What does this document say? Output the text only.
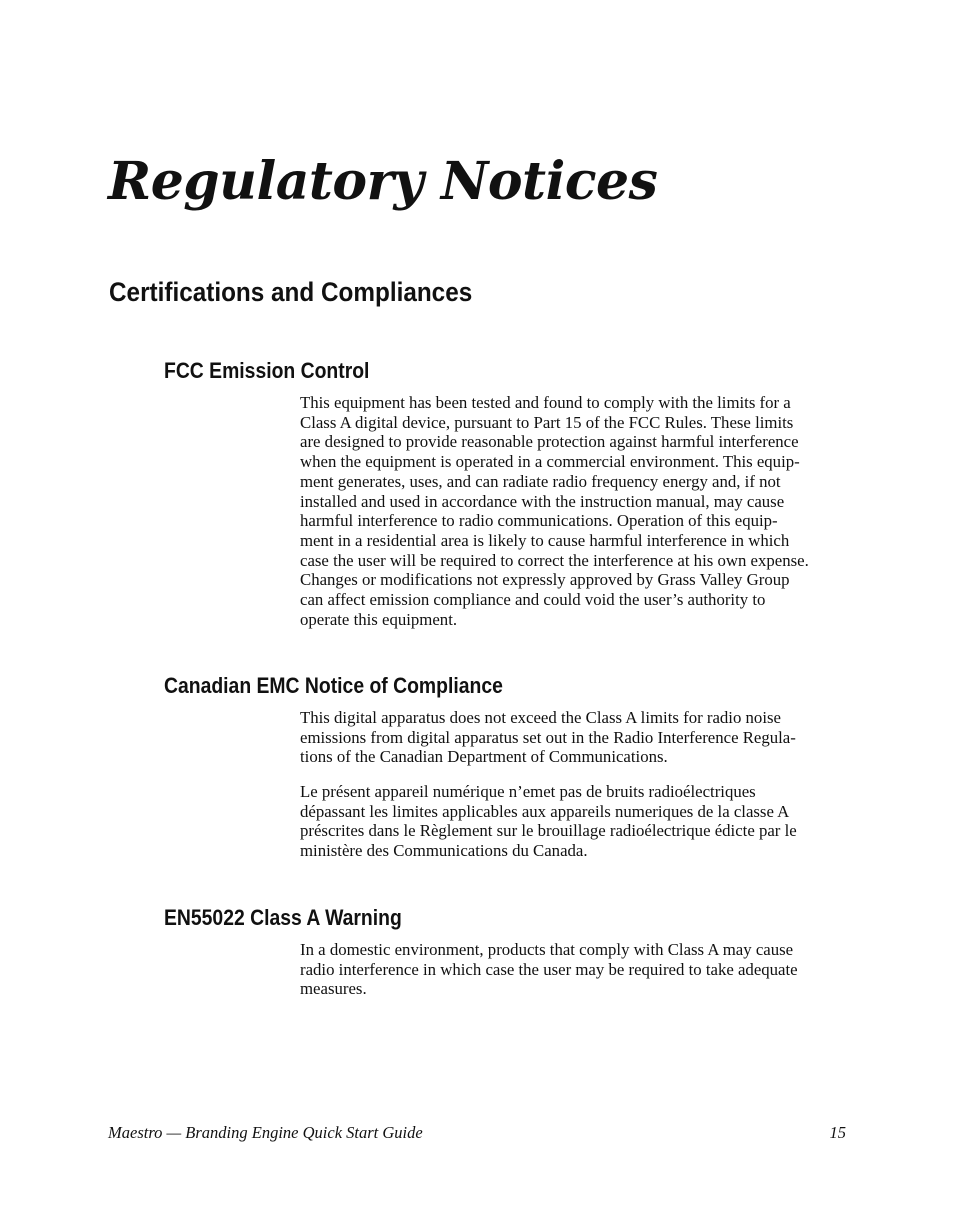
Regulatory Notices
Certifications and Compliances
FCC Emission Control

This equipment has been tested and found to comply with the limits for a
Class A digital device, pursuant to Part 15 of the FCC Rules. These limits
are designed to provide reasonable protection against harmful interference
when the equipment is operated in a commercial environment. This equip-
ment generates, uses, and can radiate radio frequency energy and, if not
installed and used in accordance with the instruction manual, may cause
harmful interference to radio communications. Operation of this equip-
ment in a residential area is likely to cause harmful interference in which
case the user will be required to correct the interference at his own expense.
Changes or modifications not expressly approved by Grass Valley Group
can affect emission compliance and could void the user’s authority to
operate this equipment.

Canadian EMC Notice of Compliance

This digital apparatus does not exceed the Class A limits for radio noise
emissions from digital apparatus set out in the Radio Interference Regula-
tions of the Canadian Department of Communications.

Le présent appareil numérique n’emet pas de bruits radioélectriques
dépassant les limites applicables aux appareils numeriques de la classe A
préscrites dans le Règlement sur le brouillage radioélectrique édicte par le
ministère des Communications du Canada.

EN55022 Class A Warning

In a domestic environment, products that comply with Class A may cause
radio interference in which case the user may be required to take adequate
measures.

Maestro — Branding Engine Quick Start Guide	15
